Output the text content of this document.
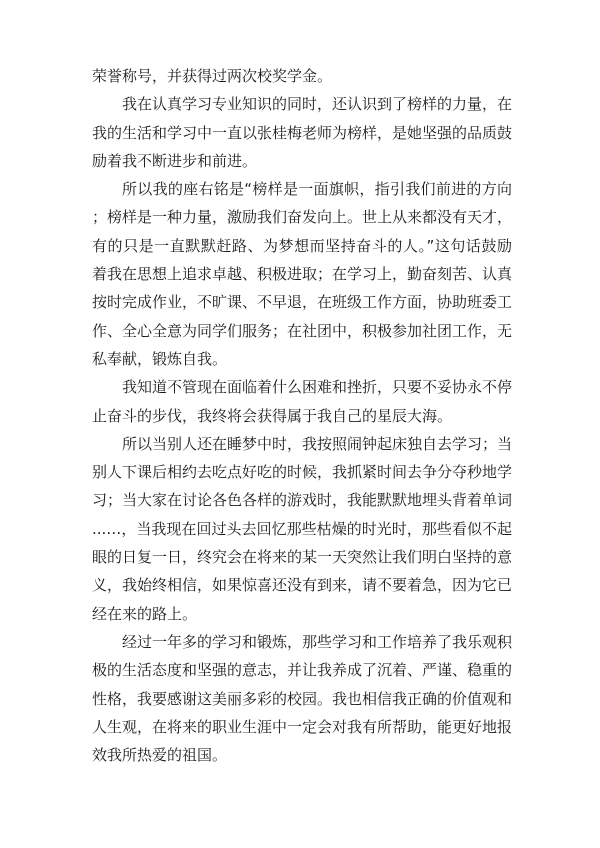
荣誉称号，并获得过两次校奖学金。

我在认真学习专业知识的同时，还认识到了榜样的力量，在我的生活和学习中一直以张桂梅老师为榜样，是她坚强的品质鼓励着我不断进步和前进。

所以我的座右铭是“榜样是一面旗帜，指引我们前进的方向；榜样是一种力量，激励我们奋发向上。世上从来都没有天才，有的只是一直默默赶路、为梦想而坚持奋斗的人。”这句话鼓励着我在思想上追求卓越、积极进取；在学习上，勤奋刻苦、认真按时完成作业，不旷课、不早退，在班级工作方面，协助班委工作、全心全意为同学们服务；在社团中，积极参加社团工作，无私奉献，锻炼自我。

我知道不管现在面临着什么困难和挫折，只要不妥协永不停止奋斗的步伐，我终将会获得属于我自己的星辰大海。

所以当别人还在睡梦中时，我按照闹钟起床独自去学习；当别人下课后相约去吃点好吃的时候，我抓紧时间去争分夺秒地学习；当大家在讨论各色各样的游戏时，我能默默地埋头背着单词...…，当我现在回过头去回忆那些枯燥的时光时，那些看似不起眼的日复一日，终究会在将来的某一天突然让我们明白坚持的意义，我始终相信，如果惊喜还没有到来，请不要着急，因为它已经在来的路上。

经过一年多的学习和锻炼，那些学习和工作培养了我乐观积极的生活态度和坚强的意志，并让我养成了沉着、严谨、稳重的性格，我要感谢这美丽多彩的校园。我也相信我正确的价值观和人生观，在将来的职业生涯中一定会对我有所帮助，能更好地报效我所热爱的祖国。
